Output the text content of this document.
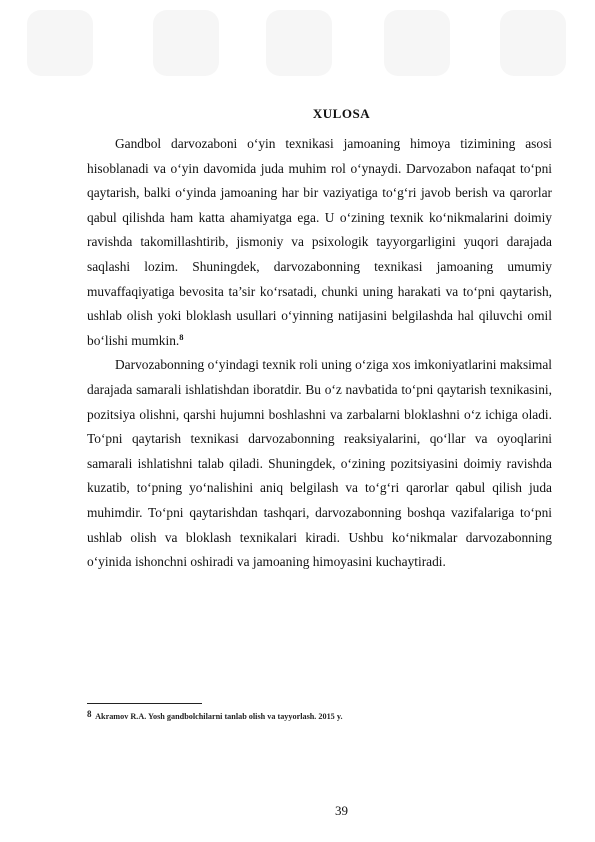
XULOSA

Gandbol darvozaboni o‘yin texnikasi jamoaning himoya tizimining asosi hisoblanadi va o‘yin davomida juda muhim rol o‘ynaydi. Darvozabon nafaqat to‘pni qaytarish, balki o‘yinda jamoaning har bir vaziyatiga to‘g‘ri javob berish va qarorlar qabul qilishda ham katta ahamiyatga ega. U o‘zining texnik ko‘nikmalarini doimiy ravishda takomillashtirib, jismoniy va psixologik tayyorgarligini yuqori darajada saqlashi lozim. Shuningdek, darvozabonning texnikasi jamoaning umumiy muvaffaqiyatiga bevosita ta’sir ko‘rsatadi, chunki uning harakati va to‘pni qaytarish, ushlab olish yoki bloklash usullari o‘yinning natijasini belgilashda hal qiluvchi omil bo‘lishi mumkin.$^8$

Darvozabonning o‘yindagi texnik roli uning o‘ziga xos imkoniyatlarini maksimal darajada samarali ishlatishdan iboratdir. Bu o‘z navbatida to‘pni qaytarish texnikasini, pozitsiya olishni, qarshi hujumni boshlashni va zarbalarni bloklashni o‘z ichiga oladi. To‘pni qaytarish texnikasi darvozabonning reaksiyalarini, qo‘llar va oyoqlarini samarali ishlatishni talab qiladi. Shuningdek, o‘zining pozitsiyasini doimiy ravishda kuzatib, to‘pning yo‘nalishini aniq belgilash va to‘g‘ri qarorlar qabul qilish juda muhimdir. To‘pni qaytarishdan tashqari, darvozabonning boshqa vazifalariga to‘pni ushlab olish va bloklash texnikalari kiradi. Ushbu ko‘nikmalar darvozabonning o‘yinida ishonchni oshiradi va jamoaning himoyasini kuchaytiradi.

8 Akramov R.A. Yosh gandbolchilarni tanlab olish va tayyorlash. 2015 y.
39
